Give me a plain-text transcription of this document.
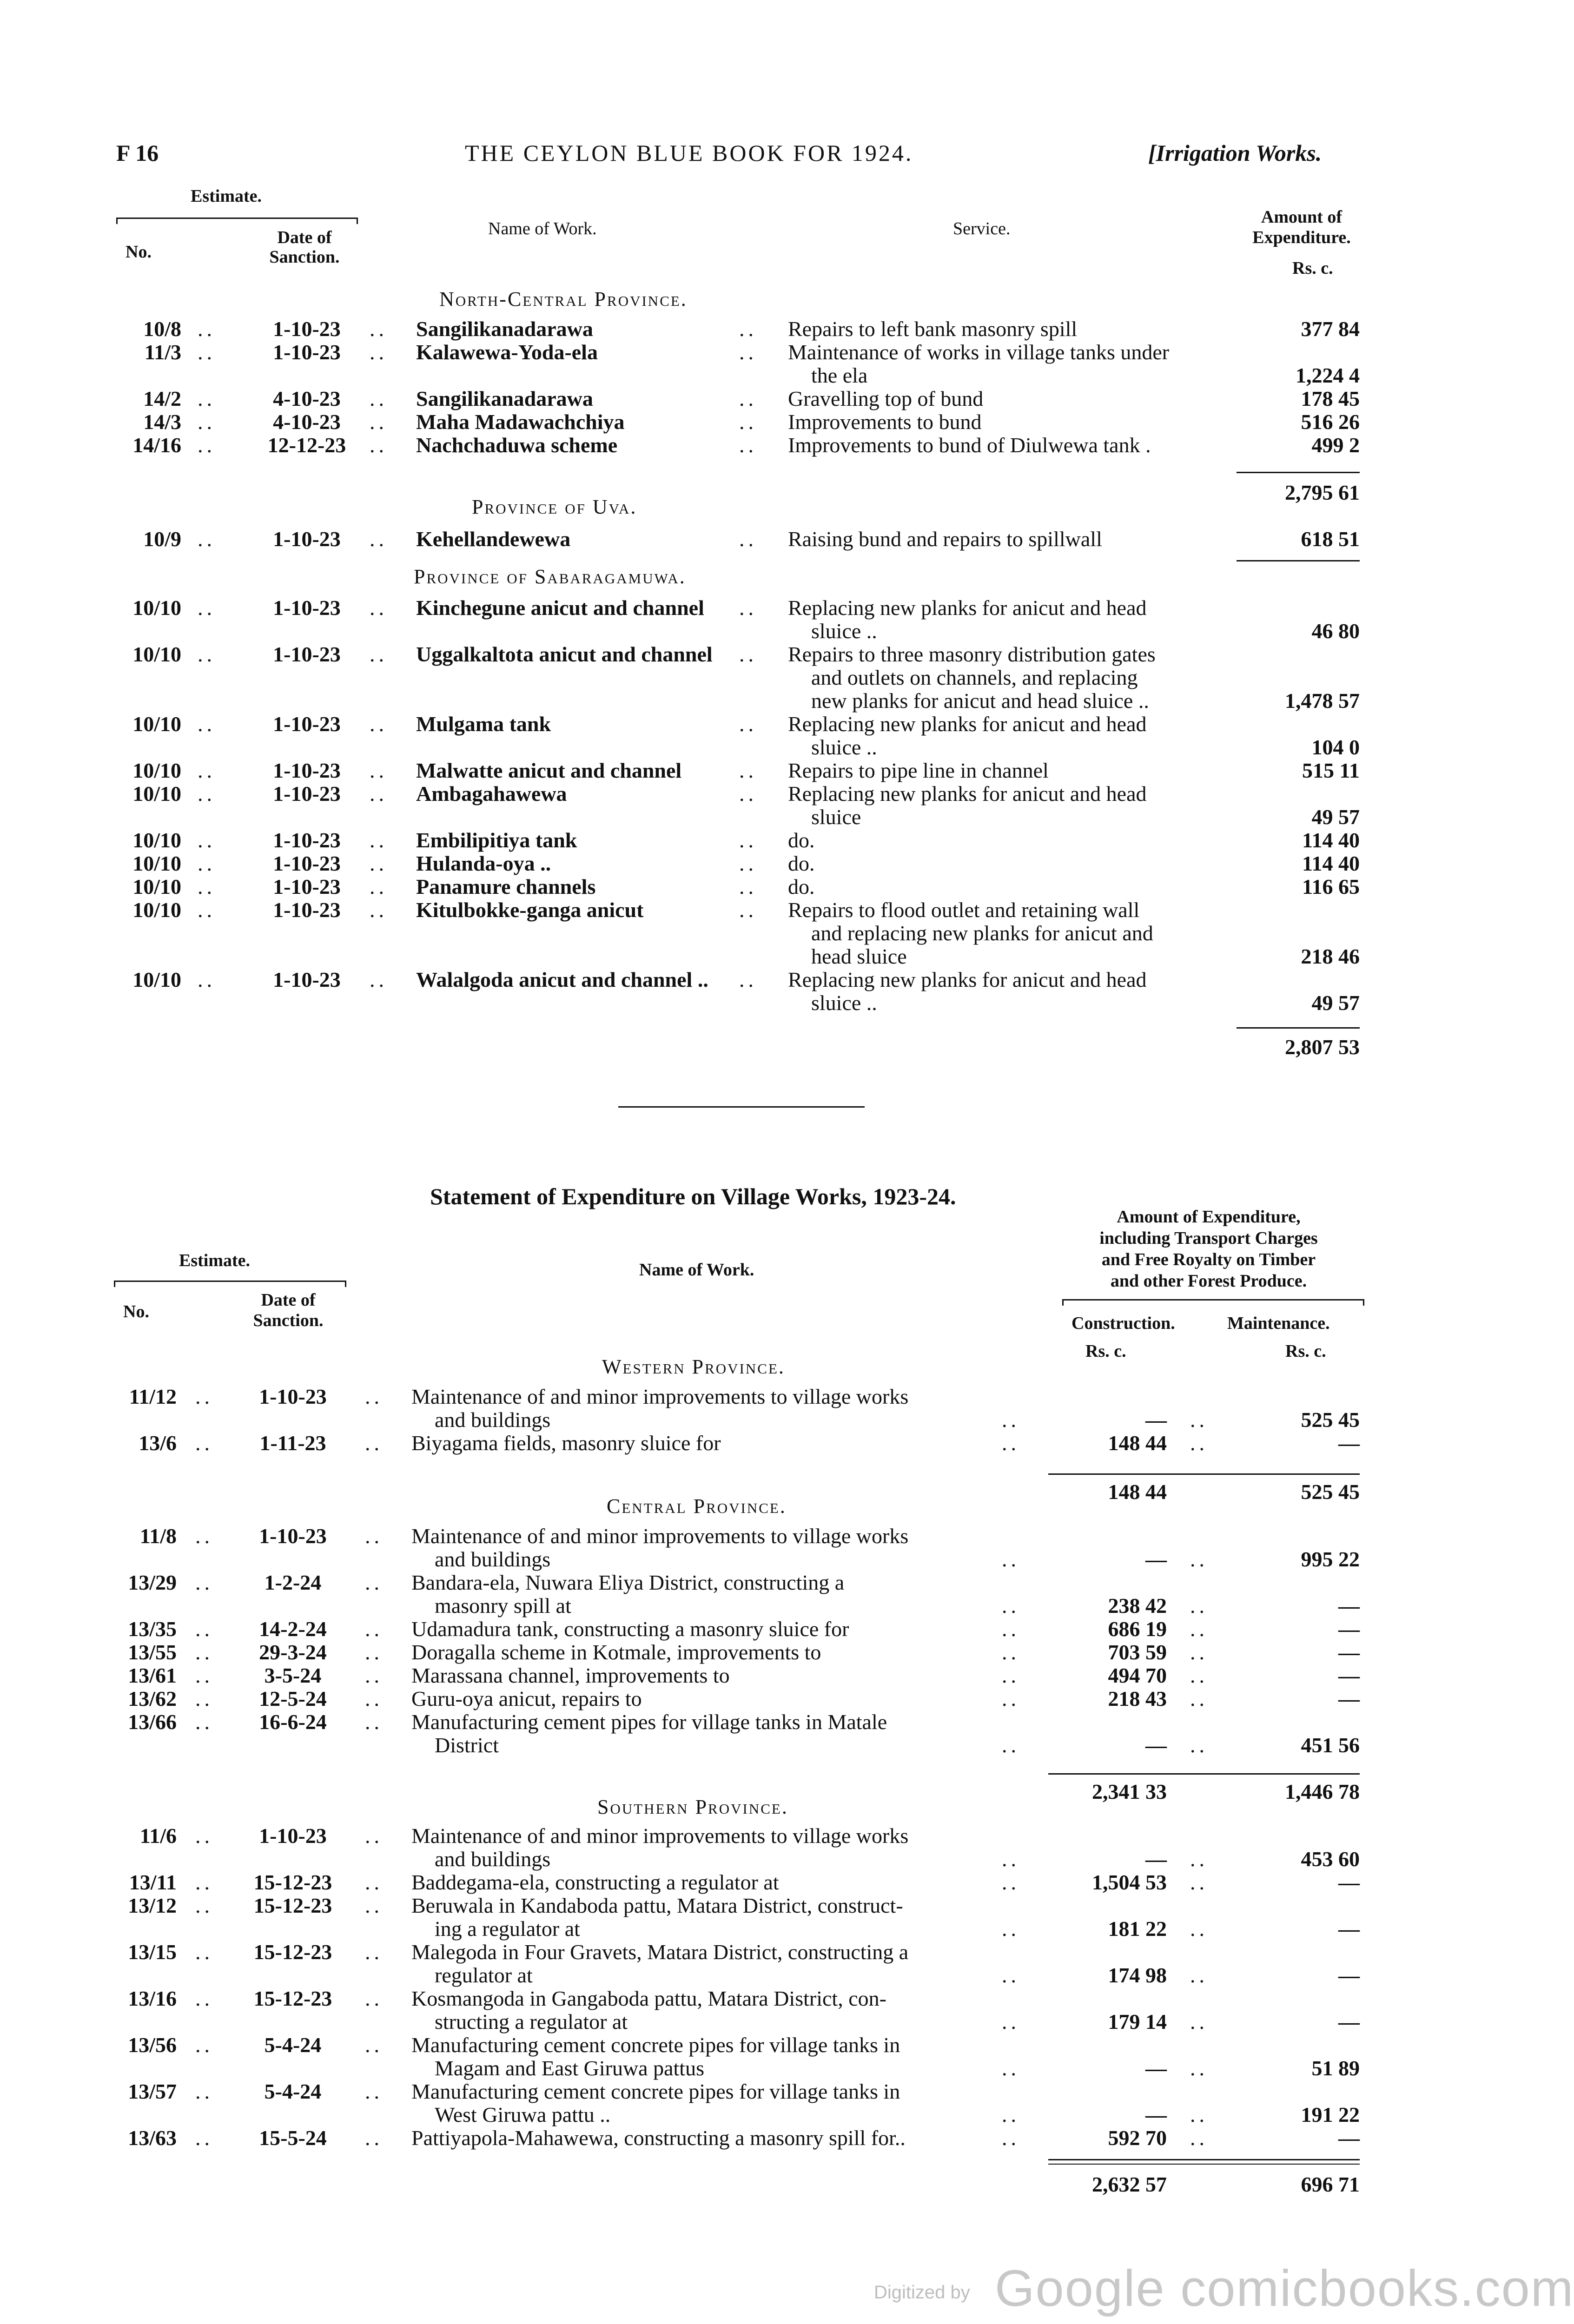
F 16	THE CEYLON BLUE BOOK FOR 1924.	[Irrigation Works.
Estimate.
No.
Date of Sanction.
Name of Work.	Service.
Amount of Expenditure.
Rs. c.
North-Central Province.
10/8 ..	1-10-23	.. Sangilikanadarawa	.. Repairs to left bank masonry spill	377 84
11/3 ..	1-10-23	.. Kalawewa-Yoda-ela	.. Maintenance of works in village tanks under
the ela	1,224 4
14/2 ..	4-10-23	.. Sangilikanadarawa	.. Gravelling top of bund	178 45
14/3 ..	4-10-23	.. Maha Madawachchiya	.. Improvements to bund	516 26
14/16 ..	12-12-23	.. Nachchaduwa scheme	.. Improvements to bund of Diulwewa tank .	499 2
2,795 61
Province of Uva.
10/9 ..	1-10-23	.. Kehellandewewa	.. Raising bund and repairs to spillwall	618 51
Province of Sabaragamuwa.
10/10 ..	1-10-23	.. Kinchegune anicut and channel .. Replacing new planks for anicut and head
sluice ..	46 80
10/10 ..	1-10-23	.. Uggalkaltota anicut and channel .. Repairs to three masonry distribution gates
and outlets on channels, and replacing
new planks for anicut and head sluice ..	1,478 57
10/10 ..	1-10-23	.. Mulgama tank	.. Replacing new planks for anicut and head
sluice ..	104 0
10/10 ..	1-10-23	.. Malwatte anicut and channel	.. Repairs to pipe line in channel	515 11
10/10 ..	1-10-23	.. Ambagahawewa	.. Replacing new planks for anicut and head
sluice	49 57
10/10 ..	1-10-23	.. Embilipitiya tank	.. do.	114 40
10/10 ..	1-10-23	.. Hulanda-oya ..	.. do.	114 40
10/10 ..	1-10-23	.. Panamure channels	.. do.	116 65
10/10 ..	1-10-23	.. Kitulbokke-ganga anicut	.. Repairs to flood outlet and retaining wall
and replacing new planks for anicut and
head sluice	218 46
10/10 ..	1-10-23	.. Walalgoda anicut and channel .. .. Replacing new planks for anicut and head
sluice ..	49 57
2,807 53
Statement of Expenditure on Village Works, 1923-24.
Amount of Expenditure,
including Transport Charges
and Free Royalty on Timber
and other Forest Produce.
Estimate.
No.
Date of Sanction.
Name of Work.
Construction.	Maintenance.
Rs. c.	Rs. c.
Western Province.
11/12 ..	1-10-23	.. Maintenance of and minor improvements to village works
and buildings	..	— ..	525 45
13/6 ..	1-11-23	.. Biyagama fields, masonry sluice for	..	148 44 ..	—
148 44	525 45
Central Province.
11/8 ..	1-10-23	.. Maintenance of and minor improvements to village works
and buildings	..	— ..	995 22
13/29 ..	1-2-24	.. Bandara-ela, Nuwara Eliya District, constructing a
masonry spill at	..	238 42 ..	—
13/35 ..	14-2-24	.. Udamadura tank, constructing a masonry sluice for	..	686 19 ..	—
13/55 ..	29-3-24	.. Doragalla scheme in Kotmale, improvements to	..	703 59 ..	—
13/61 ..	3-5-24	.. Marassana channel, improvements to	..	494 70 ..	—
13/62 ..	12-5-24	.. Guru-oya anicut, repairs to	..	218 43 ..	—
13/66 ..	16-6-24	.. Manufacturing cement pipes for village tanks in Matale
District	..	— ..	451 56
2,341 33	1,446 78
Southern Province.
11/6 ..	1-10-23	.. Maintenance of and minor improvements to village works
and buildings	..	— ..	453 60
13/11 ..	15-12-23	.. Baddegama-ela, constructing a regulator at	..	1,504 53 ..	—
13/12 ..	15-12-23	.. Beruwala in Kandaboda pattu, Matara District, construct-
ing a regulator at	..	181 22 ..	—
13/15 ..	15-12-23	.. Malegoda in Four Gravets, Matara District, constructing a
regulator at	..	174 98 ..	—
13/16 ..	15-12-23	.. Kosmangoda in Gangaboda pattu, Matara District, con-
structing a regulator at	..	179 14 ..	—
13/56 ..	5-4-24	.. Manufacturing cement concrete pipes for village tanks in
Magam and East Giruwa pattus	..	— ..	51 89
13/57 ..	5-4-24	.. Manufacturing cement concrete pipes for village tanks in
West Giruwa pattu ..	..	— ..	191 22
13/63 ..	15-5-24	.. Pattiyapola-Mahawewa, constructing a masonry spill for..	..	592 70 ..	—
2,632 57	696 71
Digitized by Google comicbooks.com
